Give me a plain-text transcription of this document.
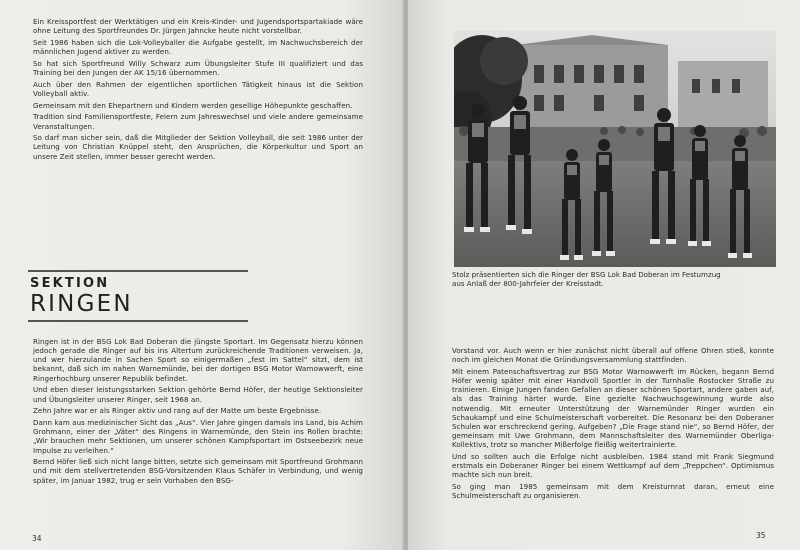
Ein Kreissportfest der Werktätigen und ein Kreis-Kinder- und Jugendsportspartakiade wäre ohne Leitung des Sportfreundes Dr. Jürgen Jahncke heute nicht vorstellbar.

Seit 1986 haben sich die Lok-Volleyballer die Aufgabe gestellt, im Nachwuchsbereich der männlichen Jugend aktiver zu werden.

So hat sich Sportfreund Willy Schwarz zum Übungsleiter Stufe III qualifiziert und das Training bei den Jungen der AK 15/16 übernommen.

Auch über den Rahmen der eigentlichen sportlichen Tätigkeit hinaus ist die Sektion Volleyball aktiv.

Gemeinsam mit den Ehepartnern und Kindern werden gesellige Höhepunkte geschaffen.

Tradition sind Familiensportfeste, Feiern zum Jahreswechsel und viele andere gemeinsame Veranstaltungen.

So darf man sicher sein, daß die Mitglieder der Sektion Volleyball, die seit 1986 unter der Leitung von Christian Knüppel steht, den Ansprüchen, die Körperkultur und Sport an unsere Zeit stellen, immer besser gerecht werden.

SEKTION
RINGEN

Ringen ist in der BSG Lok Bad Doberan die jüngste Sportart. Im Gegensatz hierzu können jedoch gerade die Ringer auf bis ins Altertum zurückreichende Traditionen verweisen. Ja, und wer hierzulande in Sachen Sport so einigermaßen „fest im Sattel“ sitzt, dem ist bekannt, daß sich im nahen Warnemünde, bei der dortigen BSG Motor Warnowwerft, eine Ringerhochburg unserer Republik befindet.

Und eben dieser leistungsstarken Sektion gehörte Bernd Höfer, der heutige Sektionsleiter und Übungsleiter unserer Ringer, seit 1968 an.

Zehn Jahre war er als Ringer aktiv und rang auf der Matte um beste Ergebnisse.

Dann kam aus medizinischer Sicht das „Aus“. Vier Jahre gingen damals ins Land, bis Achim Grohmann, einer der „Väter“ des Ringens in Warnemünde, den Stein ins Rollen brachte: „Wir brauchen mehr Sektionen, um unserer schönen Kampfsportart im Ostseebezirk neue Impulse zu verleihen.“

Bernd Höfer ließ sich nicht lange bitten, setzte sich gemeinsam mit Sportfreund Grohmann und mit dem stellvertretenden BSG-Vorsitzenden Klaus Schäfer in Verbindung, und wenig später, im Januar 1982, trug er sein Vorhaben den BSG-

34

Stolz präsentierten sich die Ringer der BSG Lok Bad Doberan im Festumzug

aus Anlaß der 800-Jahrfeier der Kreisstadt.

Vorstand vor. Auch wenn er hier zunächst nicht überall auf offene Ohren stieß, konnte noch im gleichen Monat die Gründungsversammlung stattfinden.

Mit einem Patenschaftsvertrag zur BSG Motor Warnowwerft im Rücken, begann Bernd Höfer wenig später mit einer Handvoll Sportler in der Turnhalle Rostocker Straße zu trainieren. Einige Jungen fanden Gefallen an dieser schönen Sportart, andere gaben auf, als das Training härter wurde. Eine gezielte Nachwuchsgewinnung wurde also notwendig. Mit erneuter Unterstützung der Warnemünder Ringer wurden ein Schaukampf und eine Schulmeisterschaft vorbereitet. Die Resonanz bei den Doberaner Schulen war erschreckend gering. Aufgeben? „Die Frage stand nie“, so Bernd Höfer, der gemeinsam mit Uwe Grohmann, dem Mannschaftsleiter des Warnemünder Oberliga-Kollektivs, trotz so mancher Mißerfolge fleißig weitertrainierte.

Und so sollten auch die Erfolge nicht ausbleiben. 1984 stand mit Frank Siegmund erstmals ein Doberaner Ringer bei einem Wettkampf auf dem „Treppchen“. Optimismus machte sich nun breit.

So ging man 1985 gemeinsam mit dem Kreisturnrat daran, erneut eine Schulmeisterschaft zu organisieren.

35
